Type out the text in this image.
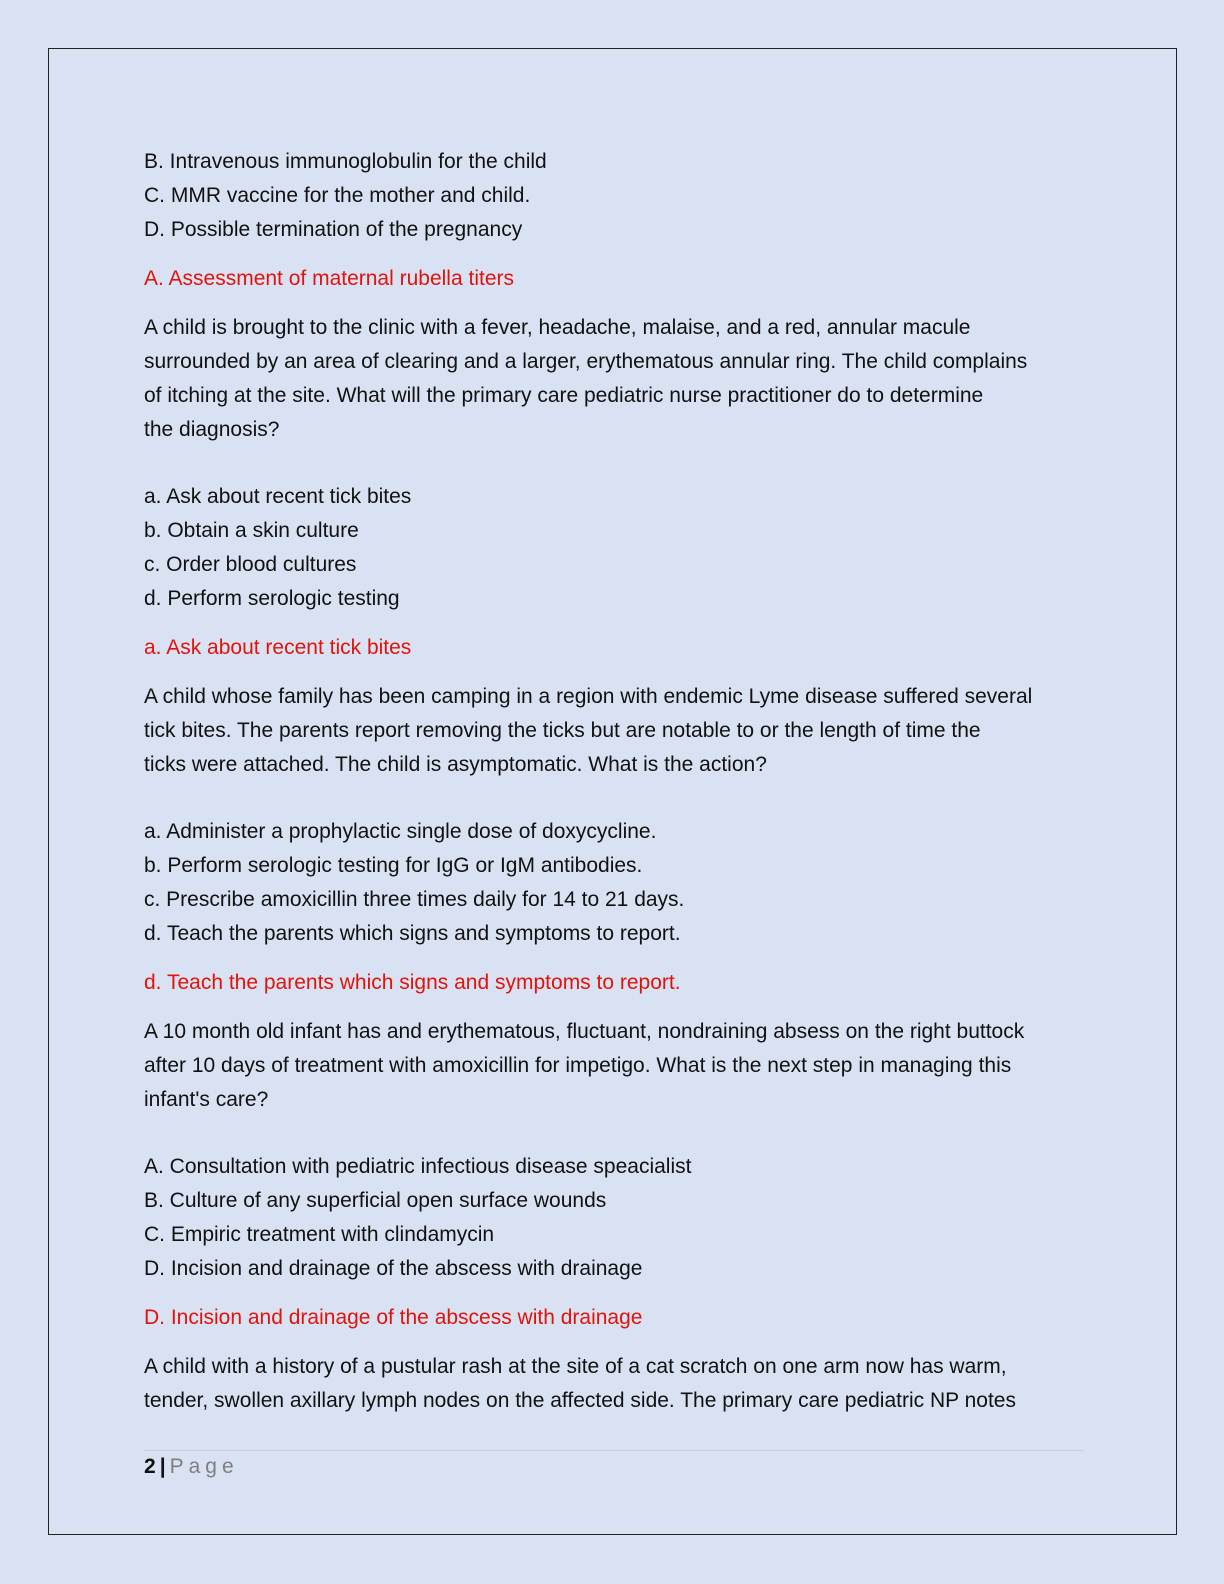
B. Intravenous immunoglobulin for the child
C. MMR vaccine for the mother and child.
D. Possible termination of the pregnancy
A. Assessment of maternal rubella titers
A child is brought to the clinic with a fever, headache, malaise, and a red, annular macule
surrounded by an area of clearing and a larger, erythematous annular ring. The child complains
of itching at the site. What will the primary care pediatric nurse practitioner do to determine
the diagnosis?
a. Ask about recent tick bites
b. Obtain a skin culture
c. Order blood cultures
d. Perform serologic testing
a. Ask about recent tick bites
A child whose family has been camping in a region with endemic Lyme disease suffered several
tick bites. The parents report removing the ticks but are notable to or the length of time the
ticks were attached. The child is asymptomatic. What is the action?
a. Administer a prophylactic single dose of doxycycline.
b. Perform serologic testing for IgG or IgM antibodies.
c. Prescribe amoxicillin three times daily for 14 to 21 days.
d. Teach the parents which signs and symptoms to report.
d. Teach the parents which signs and symptoms to report.
A 10 month old infant has and erythematous, fluctuant, nondraining absess on the right buttock
after 10 days of treatment with amoxicillin for impetigo. What is the next step in managing this
infant's care?
A. Consultation with pediatric infectious disease speacialist
B. Culture of any superficial open surface wounds
C. Empiric treatment with clindamycin
D. Incision and drainage of the abscess with drainage
D. Incision and drainage of the abscess with drainage
A child with a history of a pustular rash at the site of a cat scratch on one arm now has warm,
tender, swollen axillary lymph nodes on the affected side. The primary care pediatric NP notes
2 | Page
